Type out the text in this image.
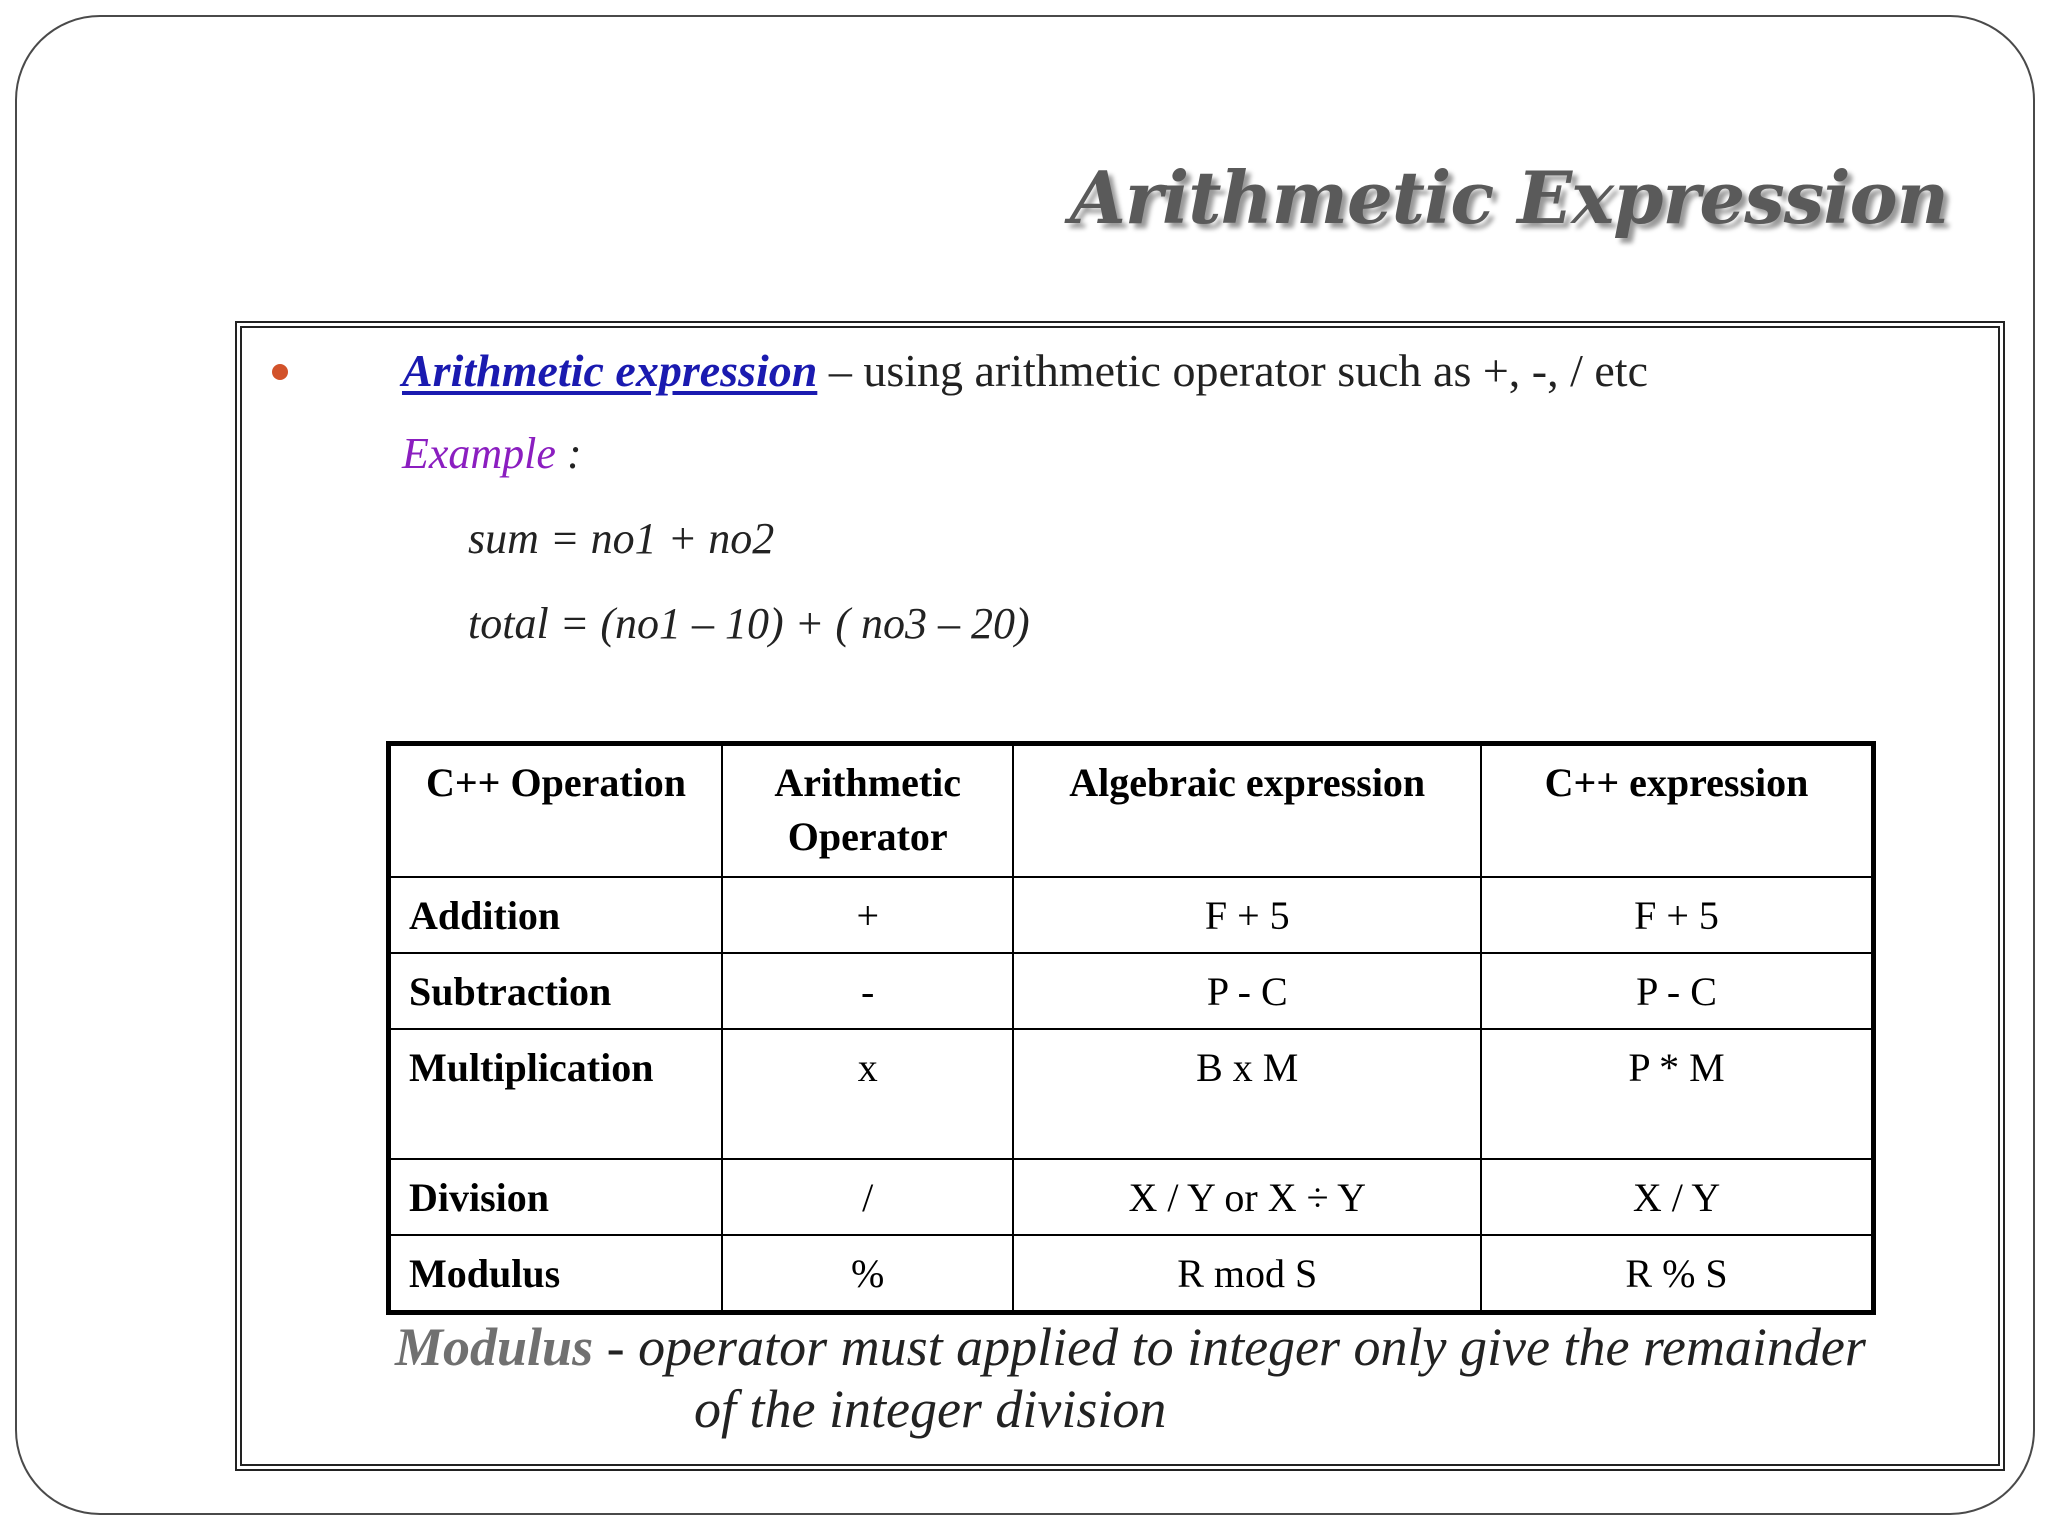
Arithmetic Expression
Arithmetic expression – using arithmetic operator such as +, -, / etc
Example :
sum = no1 + no2
total = (no1 – 10) + ( no3 – 20)
C++ Operation	Arithmetic Operator	Algebraic expression	C++ expression
Addition	+	F + 5	F + 5
Subtraction	-	P - C	P - C
Multiplication	x	B x M	P * M
Division	/	X / Y or X ÷ Y	X / Y
Modulus	%	R mod S	R % S
Modulus - operator must applied to integer only give the remainder
of the integer division
